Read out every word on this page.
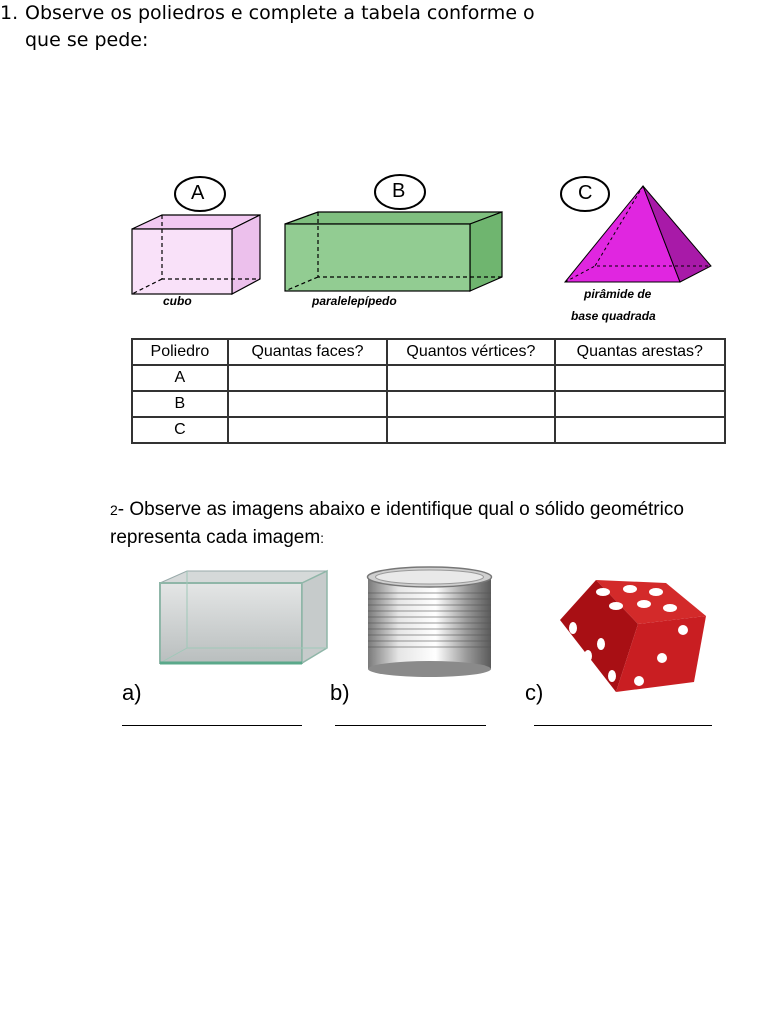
1. Observe os poliedros e complete a tabela conforme o que se pede:
A
cubo
B
paralelepípedo
C
pirâmide de
base quadrada
Poliedro	Quantas faces?	Quantos vértices?	Quantas arestas?
A			
B			
C			
2- Observe as imagens abaixo e identifique qual o sólido geométrico representa cada imagem:
a)	b)	c)
